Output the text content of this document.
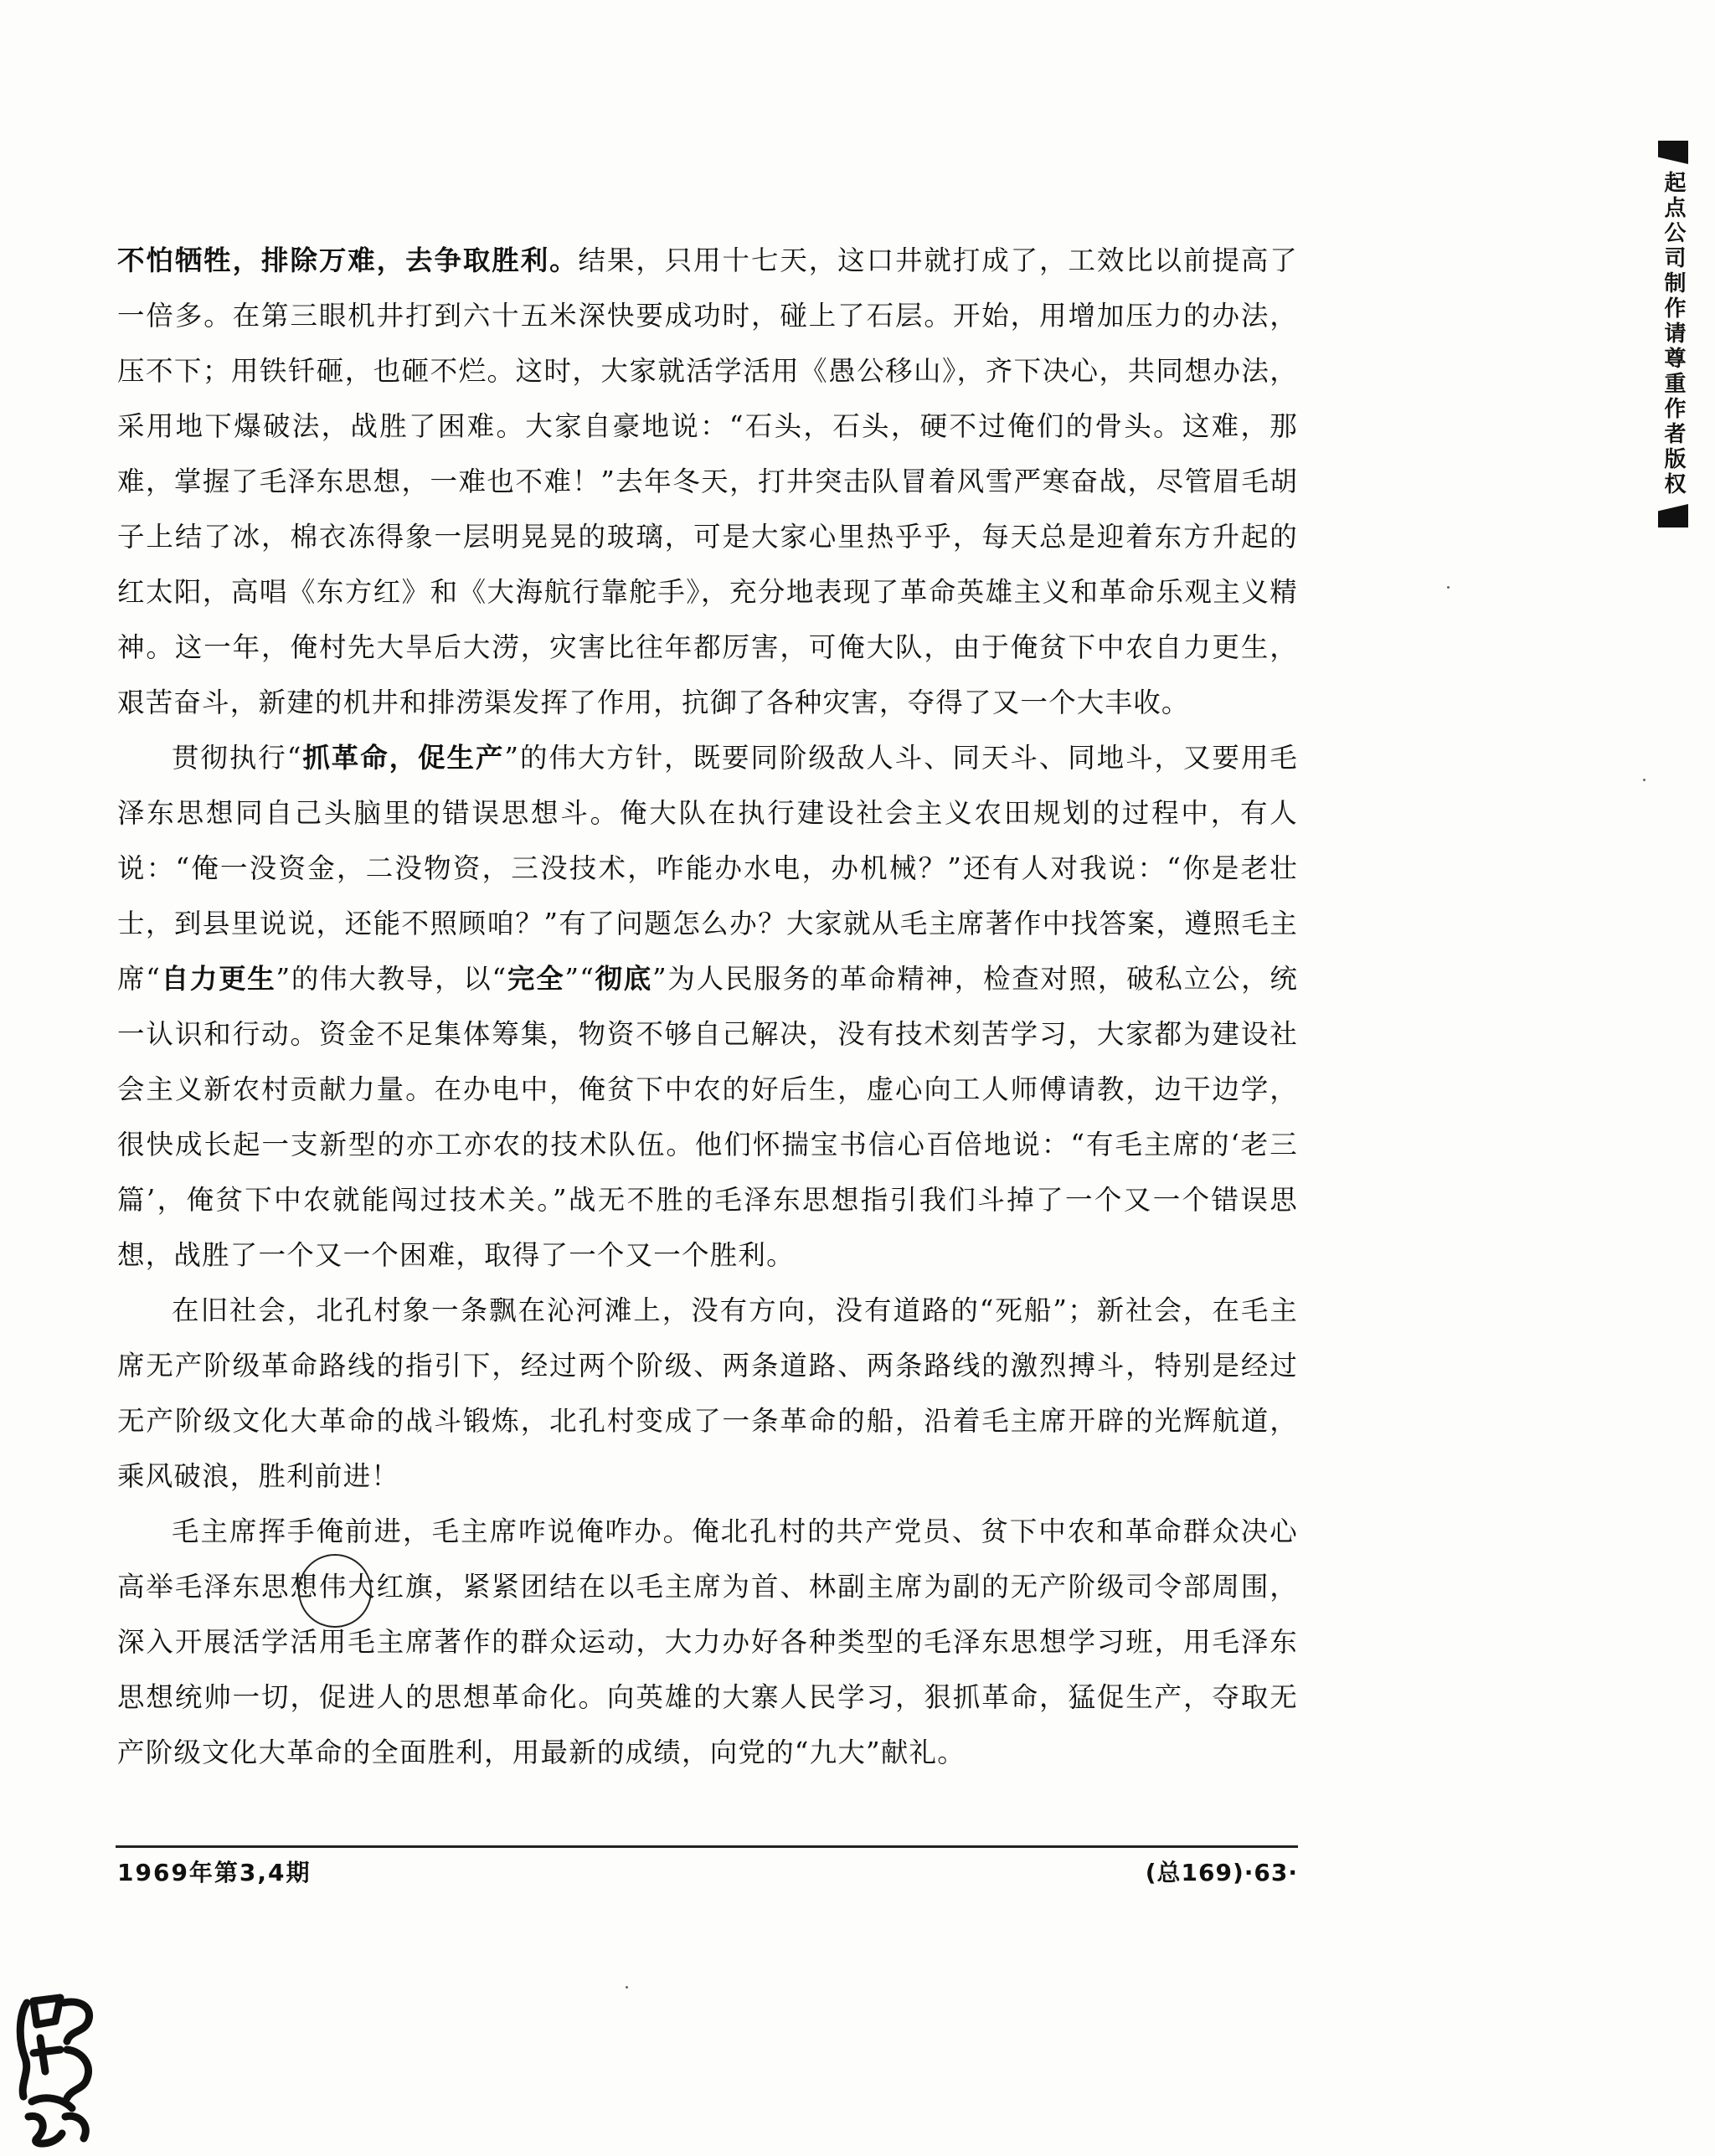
起点公司制作请尊重作者版权

不怕牺牲，排除万难，去争取胜利。结果，只用十七天，这口井就打成了，工效比以前提高了一倍多。在第三眼机井打到六十五米深快要成功时，碰上了石层。开始，用增加压力的办法，压不下；用铁钎砸，也砸不烂。这时，大家就活学活用《愚公移山》，齐下决心，共同想办法，采用地下爆破法，战胜了困难。大家自豪地说：“石头，石头，硬不过俺们的骨头。这难，那难，掌握了毛泽东思想，一难也不难！”去年冬天，打井突击队冒着风雪严寒奋战，尽管眉毛胡子上结了冰，棉衣冻得象一层明晃晃的玻璃，可是大家心里热乎乎，每天总是迎着东方升起的红太阳，高唱《东方红》和《大海航行靠舵手》，充分地表现了革命英雄主义和革命乐观主义精神。这一年，俺村先大旱后大涝，灾害比往年都厉害，可俺大队，由于俺贫下中农自力更生，艰苦奋斗，新建的机井和排涝渠发挥了作用，抗御了各种灾害，夺得了又一个大丰收。

贯彻执行“抓革命，促生产”的伟大方针，既要同阶级敌人斗、同天斗、同地斗，又要用毛泽东思想同自己头脑里的错误思想斗。俺大队在执行建设社会主义农田规划的过程中，有人说：“俺一没资金，二没物资，三没技术，咋能办水电，办机械？”还有人对我说：“你是老壮士，到县里说说，还能不照顾咱？”有了问题怎么办？大家就从毛主席著作中找答案，遵照毛主席“自力更生”的伟大教导，以“完全”“彻底”为人民服务的革命精神，检查对照，破私立公，统一认识和行动。资金不足集体筹集，物资不够自己解决，没有技术刻苦学习，大家都为建设社会主义新农村贡献力量。在办电中，俺贫下中农的好后生，虚心向工人师傅请教，边干边学，很快成长起一支新型的亦工亦农的技术队伍。他们怀揣宝书信心百倍地说：“有毛主席的‘老三篇’，俺贫下中农就能闯过技术关。”战无不胜的毛泽东思想指引我们斗掉了一个又一个错误思想，战胜了一个又一个困难，取得了一个又一个胜利。

在旧社会，北孔村象一条飘在沁河滩上，没有方向，没有道路的“死船”；新社会，在毛主席无产阶级革命路线的指引下，经过两个阶级、两条道路、两条路线的激烈搏斗，特别是经过无产阶级文化大革命的战斗锻炼，北孔村变成了一条革命的船，沿着毛主席开辟的光辉航道，乘风破浪，胜利前进！

毛主席挥手俺前进，毛主席咋说俺咋办。俺北孔村的共产党员、贫下中农和革命群众决心高举毛泽东思想伟大红旗，紧紧团结在以毛主席为首、林副主席为副的无产阶级司令部周围，深入开展活学活用毛主席著作的群众运动，大力办好各种类型的毛泽东思想学习班，用毛泽东思想统帅一切，促进人的思想革命化。向英雄的大寨人民学习，狠抓革命，猛促生产，夺取无产阶级文化大革命的全面胜利，用最新的成绩，向党的“九大”献礼。

1969年第3,4期	(总169)·63·
